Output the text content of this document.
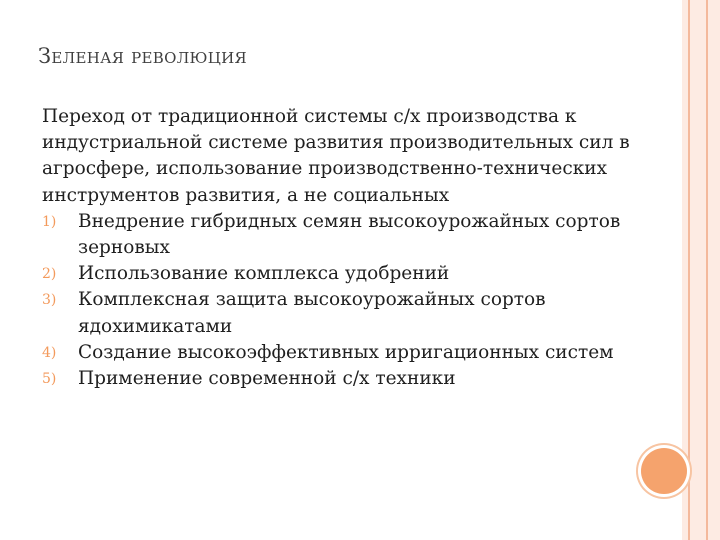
Зеленая революция

Переход от традиционной системы с/х производства к индустриальной системе развития производительных сил в агросфере, использование производственно-технических инструментов развития, а не социальных

1) Внедрение гибридных семян высокоурожайных сортов зерновых
2) Использование комплекса удобрений
3) Комплексная защита высокоурожайных сортов ядохимикатами
4) Создание высокоэффективных ирригационных систем
5) Применение современной с/х техники
